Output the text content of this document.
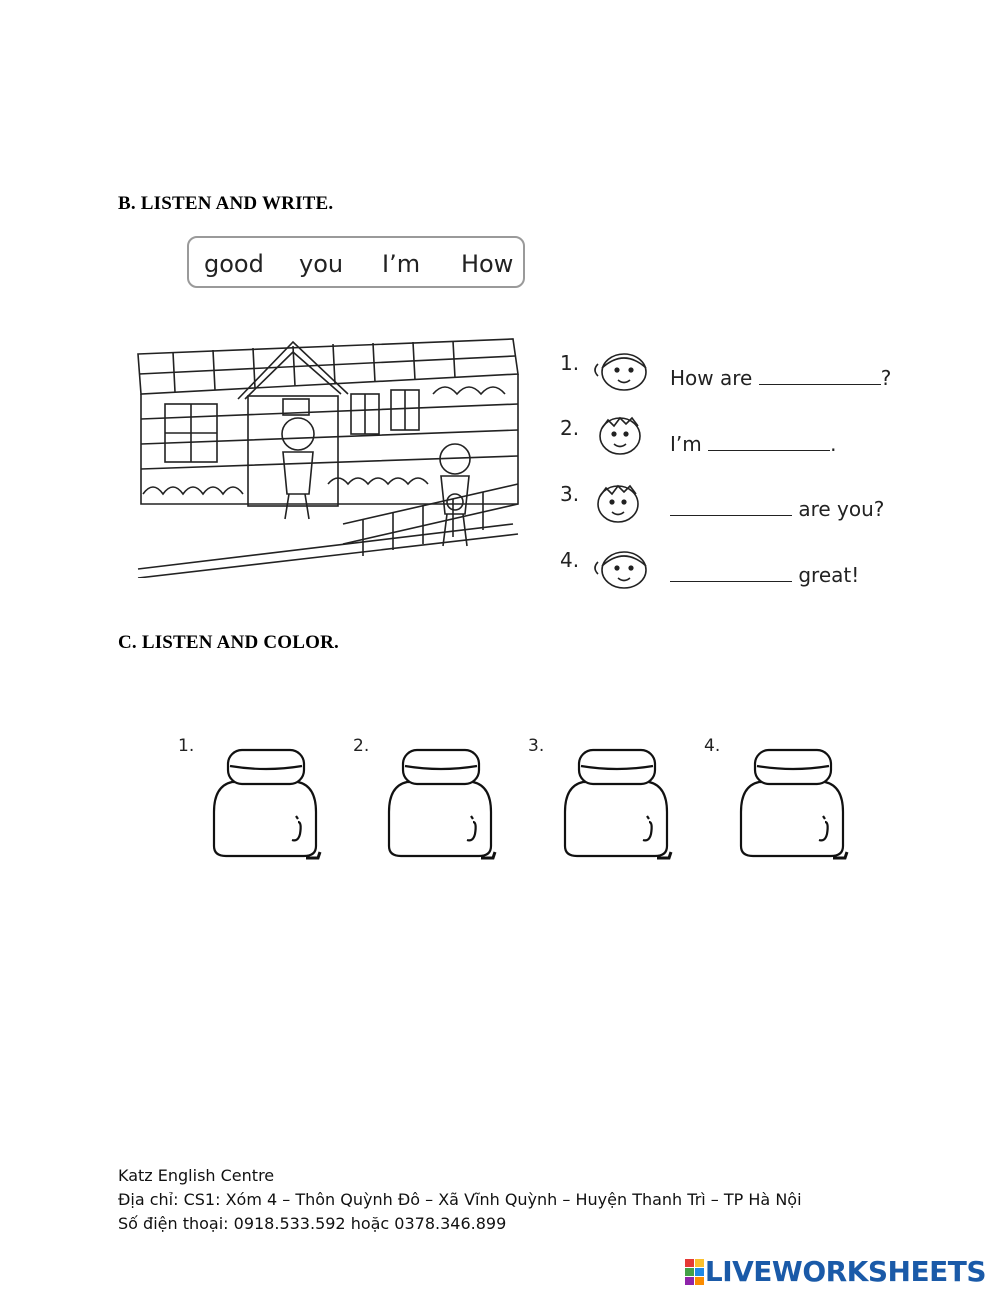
B. LISTEN AND WRITE.
good you I’m How
1.
How are	?
2.
I’m	.
3.
are you?
4.
great!
C. LISTEN AND COLOR.
1.	2.	3.	4.
Katz English Centre
Địa chỉ: CS1: Xóm 4 – Thôn Quỳnh Đô – Xã Vĩnh Quỳnh – Huyện Thanh Trì – TP Hà Nội
Số điện thoại: 0918.533.592 hoặc 0378.346.899
LIVEWORKSHEETS
